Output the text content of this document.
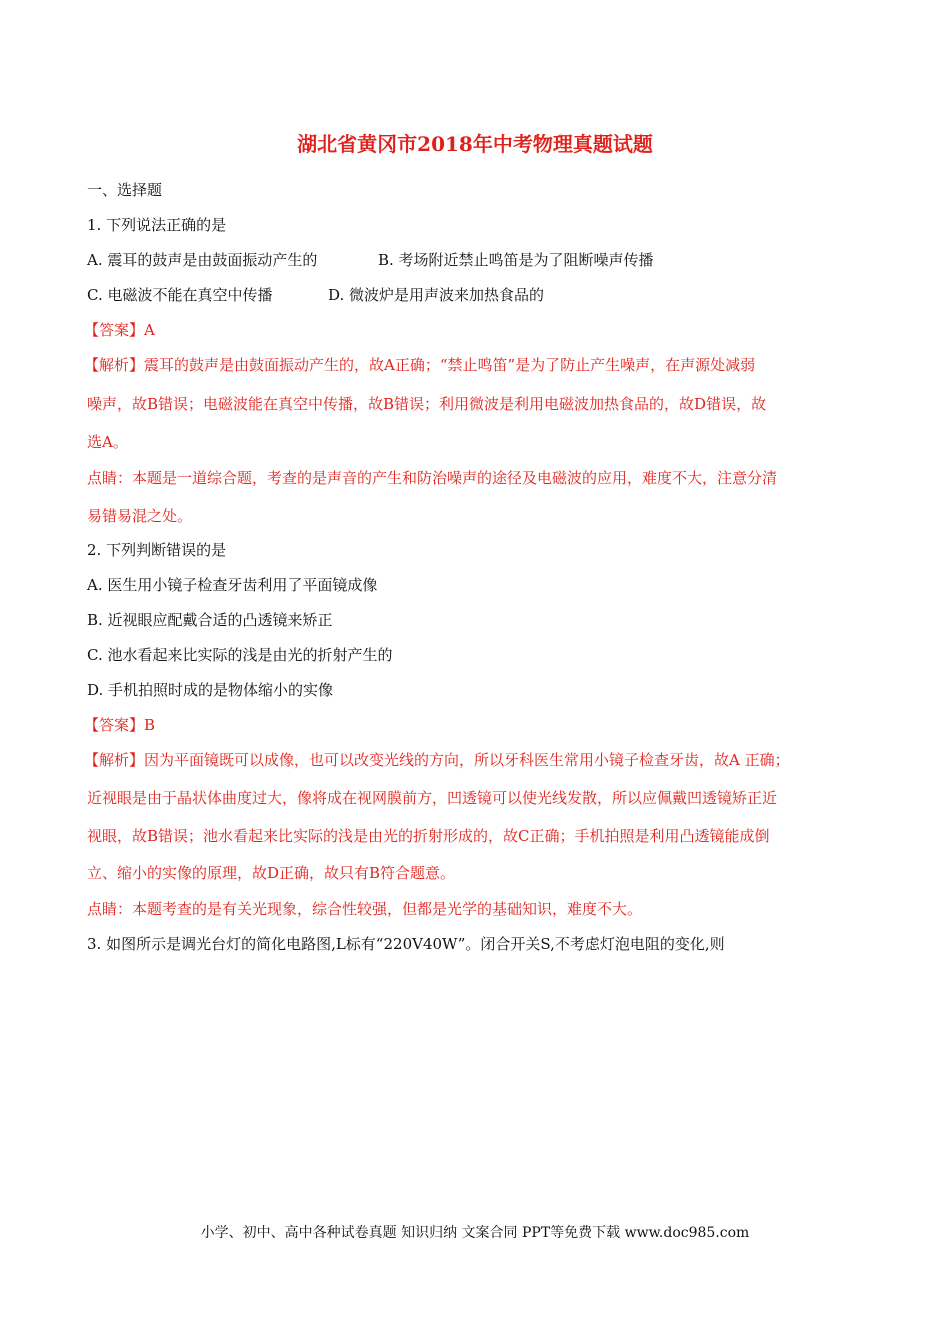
湖北省黄冈市2018年中考物理真题试题
一、选择题
1. 下列说法正确的是
A. 震耳的鼓声是由鼓面振动产生的	B. 考场附近禁止鸣笛是为了阻断噪声传播
C. 电磁波不能在真空中传播	D. 微波炉是用声波来加热食品的
【答案】A
【解析】震耳的鼓声是由鼓面振动产生的，故A正确；“禁止鸣笛”是为了防止产生噪声，在声源处减弱
噪声，故B错误；电磁波能在真空中传播，故B错误；利用微波是利用电磁波加热食品的，故D错误，故
选A。
点睛：本题是一道综合题，考查的是声音的产生和防治噪声的途径及电磁波的应用，难度不大，注意分清
易错易混之处。
2. 下列判断错误的是
A. 医生用小镜子检查牙齿利用了平面镜成像
B. 近视眼应配戴合适的凸透镜来矫正
C. 池水看起来比实际的浅是由光的折射产生的
D. 手机拍照时成的是物体缩小的实像
【答案】B
【解析】因为平面镜既可以成像，也可以改变光线的方向，所以牙科医生常用小镜子检查牙齿，故A 正确；
近视眼是由于晶状体曲度过大，像将成在视网膜前方，凹透镜可以使光线发散，所以应佩戴凹透镜矫正近
视眼，故B错误；池水看起来比实际的浅是由光的折射形成的，故C正确；手机拍照是利用凸透镜能成倒
立、缩小的实像的原理，故D正确，故只有B符合题意。
点睛：本题考查的是有关光现象，综合性较强，但都是光学的基础知识，难度不大。
3. 如图所示是调光台灯的简化电路图,L标有“220V40W”。闭合开关S,不考虑灯泡电阻的变化,则
小学、初中、高中各种试卷真题 知识归纳 文案合同 PPT等免费下载 www.doc985.com
